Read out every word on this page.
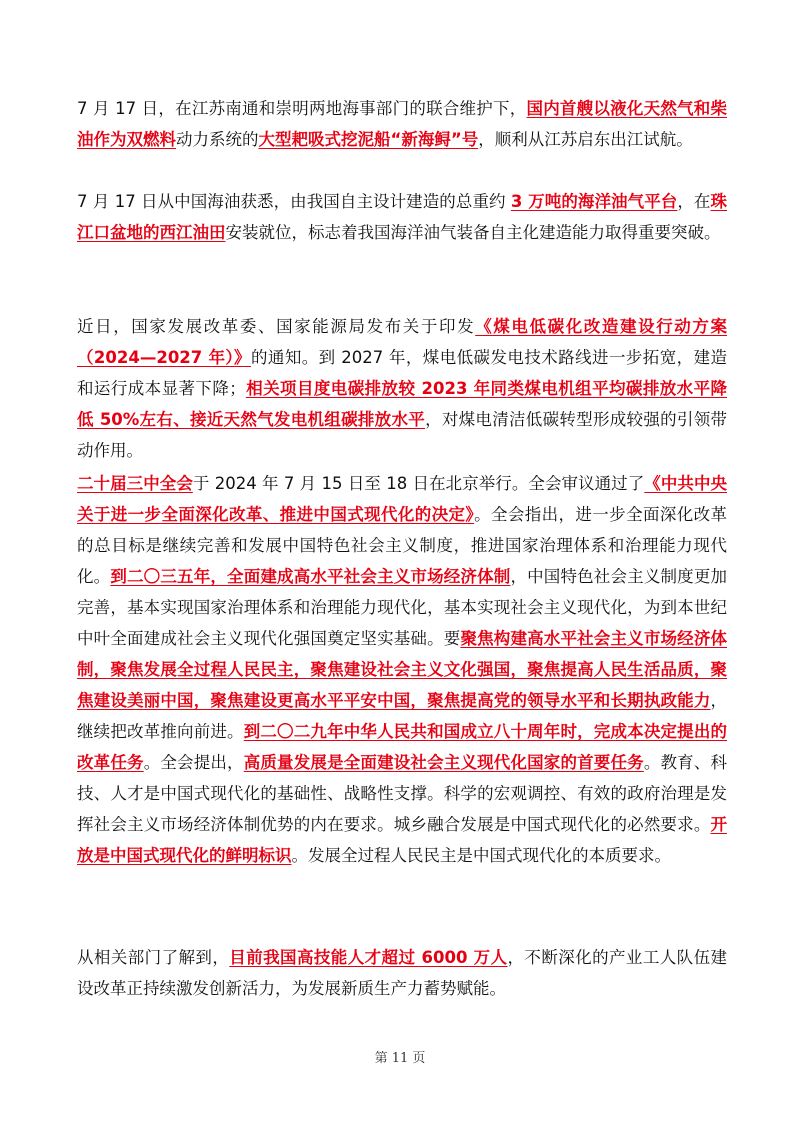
7 月 17 日，在江苏南通和崇明两地海事部门的联合维护下，国内首艘以液化天然气和柴油作为双燃料动力系统的大型耙吸式挖泥船“新海鲟”号，顺利从江苏启东出江试航。

7 月 17 日从中国海油获悉，由我国自主设计建造的总重约 3 万吨的海洋油气平台，在珠江口盆地的西江油田安装就位，标志着我国海洋油气装备自主化建造能力取得重要突破。

近日，国家发展改革委、国家能源局发布关于印发《煤电低碳化改造建设行动方案（2024—2027 年）》的通知。到 2027 年，煤电低碳发电技术路线进一步拓宽，建造和运行成本显著下降；相关项目度电碳排放较 2023 年同类煤电机组平均碳排放水平降低 50%左右、接近天然气发电机组碳排放水平，对煤电清洁低碳转型形成较强的引领带动作用。

二十届三中全会于 2024 年 7 月 15 日至 18 日在北京举行。全会审议通过了《中共中央关于进一步全面深化改革、推进中国式现代化的决定》。全会指出，进一步全面深化改革的总目标是继续完善和发展中国特色社会主义制度，推进国家治理体系和治理能力现代化。到二〇三五年，全面建成高水平社会主义市场经济体制，中国特色社会主义制度更加完善，基本实现国家治理体系和治理能力现代化，基本实现社会主义现代化，为到本世纪中叶全面建成社会主义现代化强国奠定坚实基础。要聚焦构建高水平社会主义市场经济体制，聚焦发展全过程人民民主，聚焦建设社会主义文化强国，聚焦提高人民生活品质，聚焦建设美丽中国，聚焦建设更高水平平安中国，聚焦提高党的领导水平和长期执政能力，继续把改革推向前进。到二〇二九年中华人民共和国成立八十周年时，完成本决定提出的改革任务。全会提出，高质量发展是全面建设社会主义现代化国家的首要任务。教育、科技、人才是中国式现代化的基础性、战略性支撑。科学的宏观调控、有效的政府治理是发挥社会主义市场经济体制优势的内在要求。城乡融合发展是中国式现代化的必然要求。开放是中国式现代化的鲜明标识。发展全过程人民民主是中国式现代化的本质要求。

从相关部门了解到，目前我国高技能人才超过 6000 万人，不断深化的产业工人队伍建设改革正持续激发创新活力，为发展新质生产力蓄势赋能。

第 11 页
